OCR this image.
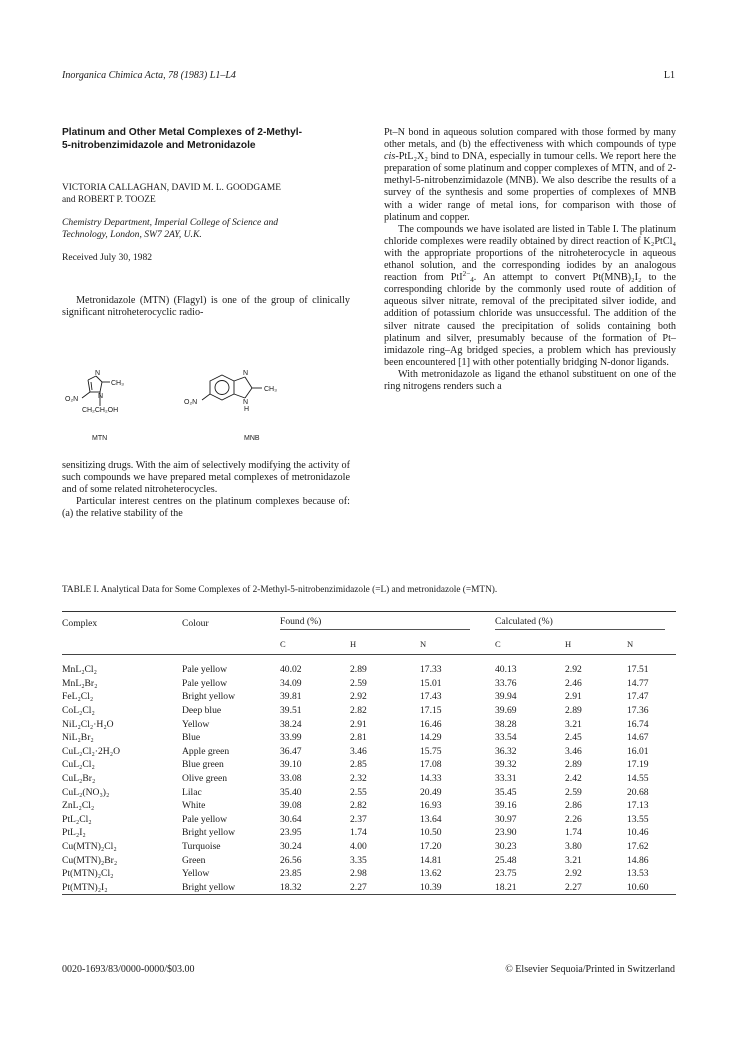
Inorganica Chimica Acta, 78 (1983) L1–L4	L1
Platinum and Other Metal Complexes of 2-Methyl-
5-nitrobenzimidazole and Metronidazole
VICTORIA CALLAGHAN, DAVID M. L. GOODGAME
and ROBERT P. TOOZE
Chemistry Department, Imperial College of Science and
Technology, London, SW7 2AY, U.K.
Received July 30, 1982

Metronidazole (MTN) (Flagyl) is one of the group of clinically significant nitroheterocyclic radio-

N
CH₃
O₂N	N
CH₂CH₂OH
MTN
N
CH₃
O₂N	N
H
MNB

sensitizing drugs. With the aim of selectively modifying the activity of such compounds we have prepared metal complexes of metronidazole and of some related nitroheterocycles.

Particular interest centres on the platinum complexes because of: (a) the relative stability of the

Pt–N bond in aqueous solution compared with those formed by many other metals, and (b) the effectiveness with which compounds of type cis-PtL₂X₂ bind to DNA, especially in tumour cells. We report here the preparation of some platinum and copper complexes of MTN, and of 2-methyl-5-nitrobenzimidazole (MNB). We also describe the results of a survey of the synthesis and some properties of complexes of MNB with a wider range of metal ions, for comparison with those of platinum and copper.

The compounds we have isolated are listed in Table I. The platinum chloride complexes were readily obtained by direct reaction of K₂PtCl₄ with the appropriate proportions of the nitroheterocycle in aqueous ethanol solution, and the corresponding iodides by an analogous reaction from PtI$^{2-}_4$. An attempt to convert Pt(MNB)₂I₂ to the corresponding chloride by the commonly used route of addition of aqueous silver nitrate, removal of the precipitated silver iodide, and addition of potassium chloride was unsuccessful. The addition of the silver nitrate caused the precipitation of solids containing both platinum and silver, presumably because of the formation of Pt–imidazole ring–Ag bridged species, a problem which has previously been encountered [1] with other potentially bridging N-donor ligands.

With metronidazole as ligand the ethanol substituent on one of the ring nitrogens renders such a

TABLE I. Analytical Data for Some Complexes of 2-Methyl-5-nitrobenzimidazole (=L) and metronidazole (=MTN).
Complex	Colour	Found (%)			Calculated (%)		
		C	H	N	C	H	N
MnL₂Cl₂	Pale yellow	40.02	2.89	17.33	40.13	2.92	17.51
MnL₂Br₂	Pale yellow	34.09	2.59	15.01	33.76	2.46	14.77
FeL₂Cl₂	Bright yellow	39.81	2.92	17.43	39.94	2.91	17.47
CoL₂Cl₂	Deep blue	39.51	2.82	17.15	39.69	2.89	17.36
NiL₂Cl₂·H₂O	Yellow	38.24	2.91	16.46	38.28	3.21	16.74
NiL₂Br₂	Blue	33.99	2.81	14.29	33.54	2.45	14.67
CuL₂Cl₂·2H₂O	Apple green	36.47	3.46	15.75	36.32	3.46	16.01
CuL₂Cl₂	Blue green	39.10	2.85	17.08	39.32	2.89	17.19
CuL₂Br₂	Olive green	33.08	2.32	14.33	33.31	2.42	14.55
CuL₂(NO₃)₂	Lilac	35.40	2.55	20.49	35.45	2.59	20.68
ZnL₂Cl₂	White	39.08	2.82	16.93	39.16	2.86	17.13
PtL₂Cl₂	Pale yellow	30.64	2.37	13.64	30.97	2.26	13.55
PtL₂I₂	Bright yellow	23.95	1.74	10.50	23.90	1.74	10.46
Cu(MTN)₂Cl₂	Turquoise	30.24	4.00	17.20	30.23	3.80	17.62
Cu(MTN)₂Br₂	Green	26.56	3.35	14.81	25.48	3.21	14.86
Pt(MTN)₂Cl₂	Yellow	23.85	2.98	13.62	23.75	2.92	13.53
Pt(MTN)₂I₂	Bright yellow	18.32	2.27	10.39	18.21	2.27	10.60

0020-1693/83/0000-0000/$03.00	© Elsevier Sequoia/Printed in Switzerland
